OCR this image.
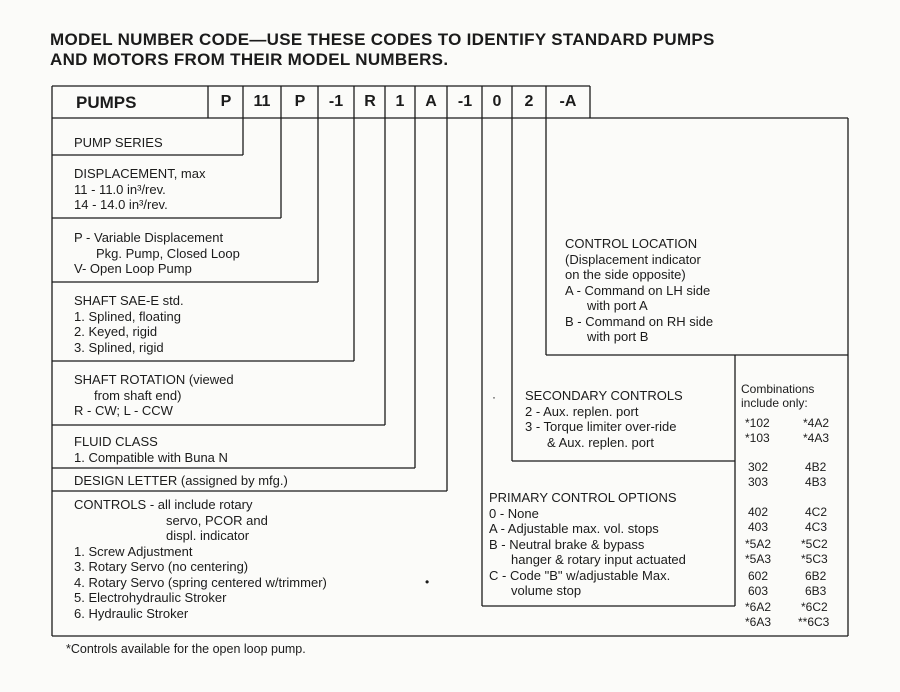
MODEL NUMBER CODE—USE THESE CODES TO IDENTIFY STANDARD PUMPS
AND MOTORS FROM THEIR MODEL NUMBERS.
PUMPS	P	11	P	-1	R	1	A	-1	0	2	-A
PUMP SERIES
DISPLACEMENT, max
11 - 11.0 in³/rev.
14 - 14.0 in³/rev.
P - Variable Displacement
Pkg. Pump, Closed Loop
V- Open Loop Pump
SHAFT SAE-E std.
1. Splined, floating
2. Keyed, rigid
3. Splined, rigid
SHAFT ROTATION (viewed
from shaft end)
R - CW; L - CCW
FLUID CLASS
1. Compatible with Buna N
DESIGN LETTER (assigned by mfg.)
CONTROLS - all include rotary
servo, PCOR and
displ. indicator
1. Screw Adjustment
3. Rotary Servo (no centering)
4. Rotary Servo (spring centered w/trimmer)
5. Electrohydraulic Stroker
6. Hydraulic Stroker
CONTROL LOCATION
(Displacement indicator
on the side opposite)
A - Command on LH side
with port A
B - Command on RH side
with port B
SECONDARY CONTROLS
2 - Aux. replen. port
3 - Torque limiter over-ride
& Aux. replen. port
PRIMARY CONTROL OPTIONS
0 - None
A - Adjustable max. vol. stops
B - Neutral brake & bypass
hanger & rotary input actuated
C - Code "B" w/adjustable Max.
volume stop
Combinations
include only:
*102	*4A2
*103	*4A3
302	4B2
303	4B3
402	4C2
403	4C3
*5A2 *5C2
*5A3 *5C3
602	6B2
603	6B3
*6A2 *6C2
*6A3 **6C3
•
·
*Controls available for the open loop pump.
